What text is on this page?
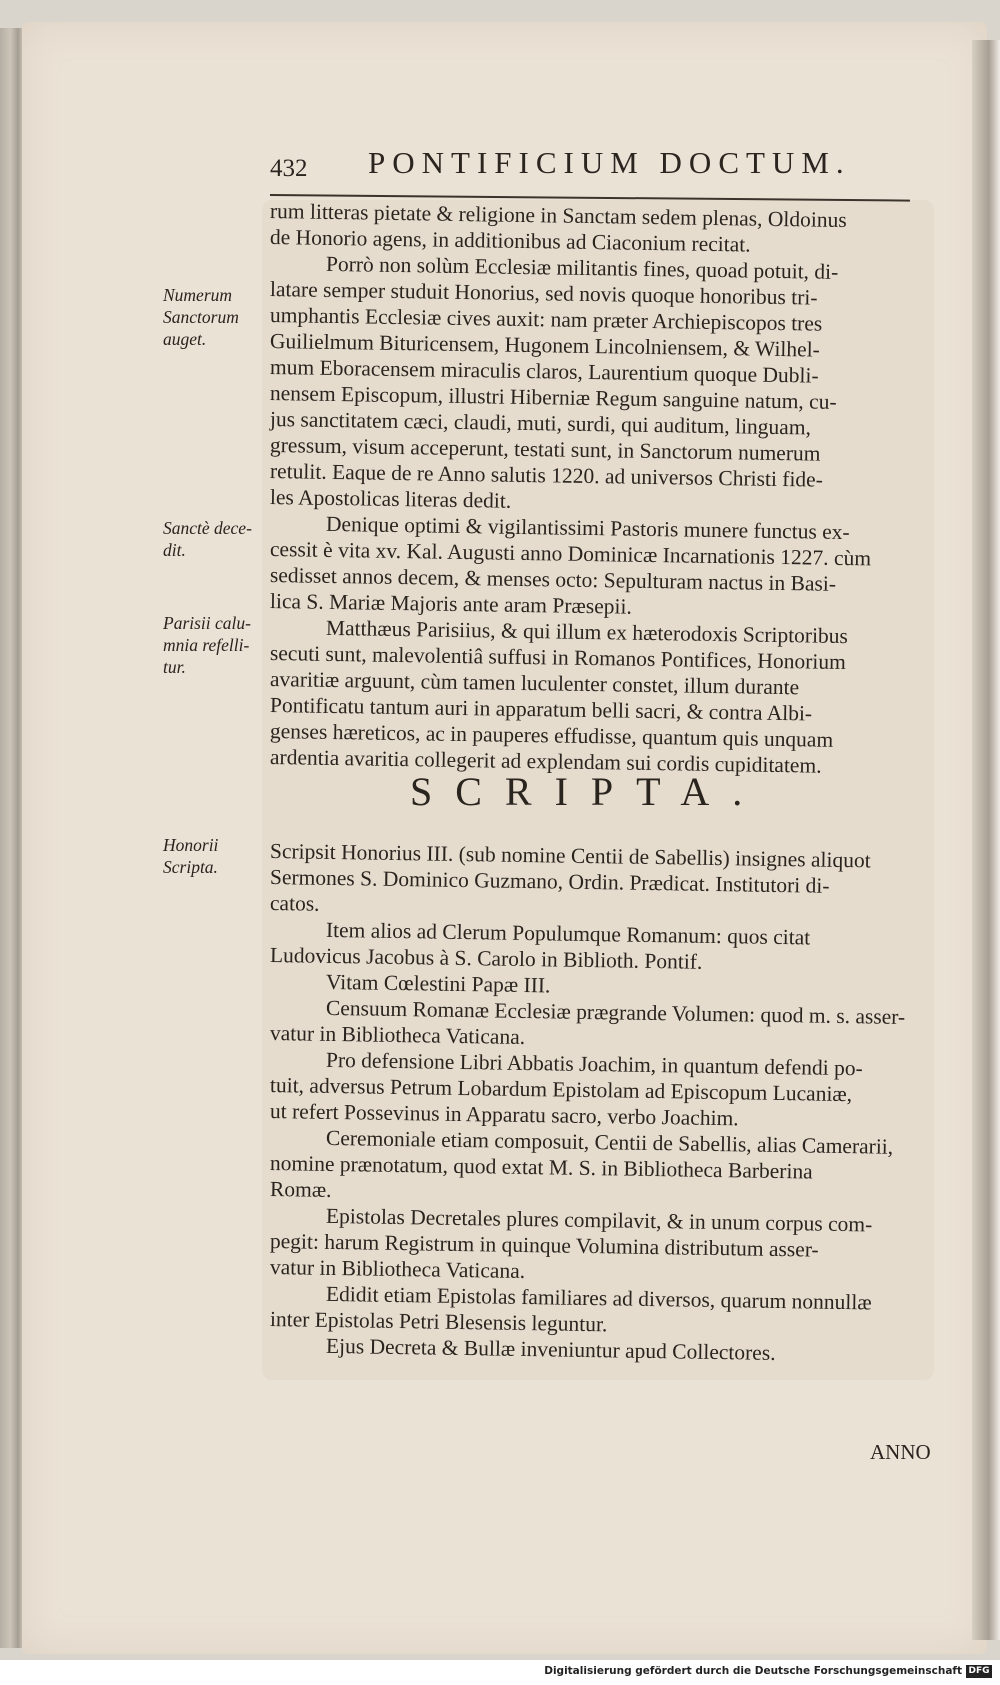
432 PONTIFICIUM DOCTUM.
rum litteras pietate & religione in Sanctam sedem plenas, Oldoinus
de Honorio agens, in additionibus ad Ciaconium recitat.
Porrò non solùm Ecclesiæ militantis fines, quoad potuit, di-
latare semper studuit Honorius, sed novis quoque honoribus tri-
umphantis Ecclesiæ cives auxit: nam præter Archiepiscopos tres
Guilielmum Bituricensem, Hugonem Lincolniensem, & Wilhel-
mum Eboracensem miraculis claros, Laurentium quoque Dubli-
nensem Episcopum, illustri Hiberniæ Regum sanguine natum, cu-
jus sanctitatem cæci, claudi, muti, surdi, qui auditum, linguam,
gressum, visum acceperunt, testati sunt, in Sanctorum numerum
retulit. Eaque de re Anno salutis 1220. ad universos Christi fide-
les Apostolicas literas dedit.
Denique optimi & vigilantissimi Pastoris munere functus ex-
cessit è vita xv. Kal. Augusti anno Dominicæ Incarnationis 1227. cùm
sedisset annos decem, & menses octo: Sepulturam nactus in Basi-
lica S. Mariæ Majoris ante aram Præsepii.
Matthæus Parisiius, & qui illum ex hæterodoxis Scriptoribus
secuti sunt, malevolentiâ suffusi in Romanos Pontifices, Honorium
avaritiæ arguunt, cùm tamen luculenter constet, illum durante
Pontificatu tantum auri in apparatum belli sacri, & contra Albi-
genses hæreticos, ac in pauperes effudisse, quantum quis unquam
ardentia avaritia collegerit ad explendam sui cordis cupiditatem.
SCRIPTA.
Scripsit Honorius III. (sub nomine Centii de Sabellis) insignes aliquot
Sermones S. Dominico Guzmano, Ordin. Prædicat. Institutori di-
catos.
Item alios ad Clerum Populumque Romanum: quos citat
Ludovicus Jacobus à S. Carolo in Biblioth. Pontif.
Vitam Cœlestini Papæ III.
Censuum Romanæ Ecclesiæ prægrande Volumen: quod m. s. asser-
vatur in Bibliotheca Vaticana.
Pro defensione Libri Abbatis Joachim, in quantum defendi po-
tuit, adversus Petrum Lobardum Epistolam ad Episcopum Lucaniæ,
ut refert Possevinus in Apparatu sacro, verbo Joachim.
Ceremoniale etiam composuit, Centii de Sabellis, alias Camerarii,
nomine prænotatum, quod extat M. S. in Bibliotheca Barberina
Romæ.
Epistolas Decretales plures compilavit, & in unum corpus com-
pegit: harum Registrum in quinque Volumina distributum asser-
vatur in Bibliotheca Vaticana.
Edidit etiam Epistolas familiares ad diversos, quarum nonnullæ
inter Epistolas Petri Blesensis leguntur.
Ejus Decreta & Bullæ inveniuntur apud Collectores.
Numerum
Sanctorum
auget.
Sanctè dece-
dit.
Parisii calu-
mnia refelli-
tur.
Honorii
Scripta.
ANNO
Digitalisierung gefördert durch die Deutsche Forschungsgemeinschaft DFG
